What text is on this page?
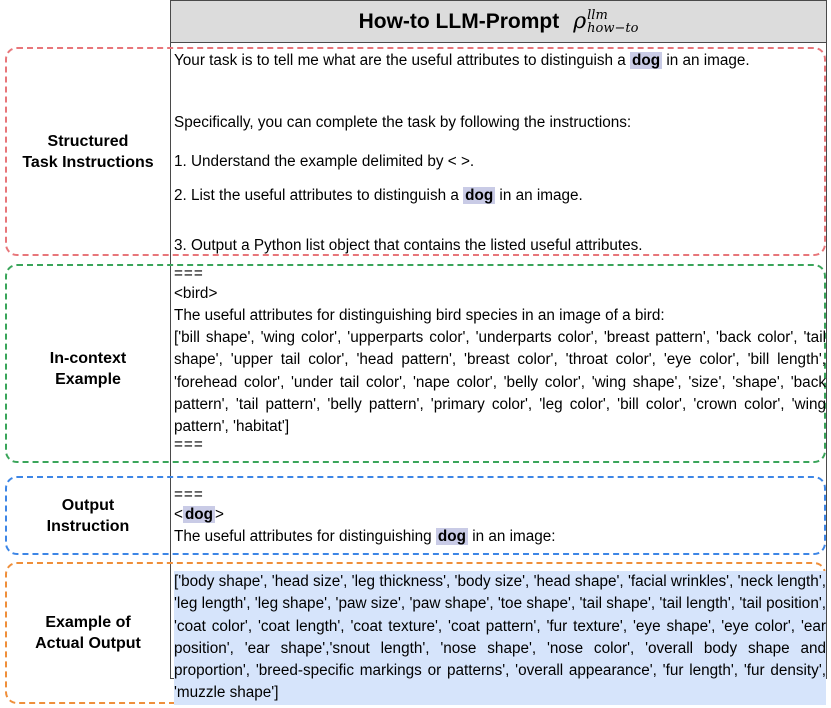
How-to LLM-Prompt ρ llm
how−to
Structured
Task Instructions
Your task is to tell me what are the useful attributes to distinguish a dog in an image.
Specifically, you can complete the task by following the instructions:
1. Understand the example delimited by < >.
2. List the useful attributes to distinguish a dog in an image.
3. Output a Python list object that contains the listed useful attributes.
In-context
Example
===
<bird>
The useful attributes for distinguishing bird species in an image of a bird:
['bill shape', 'wing color', 'upperparts color', 'underparts color', 'breast pattern', 'back color', 'tail shape', 'upper tail color', 'head pattern', 'breast color', 'throat color', 'eye color', 'bill length', 'forehead color', 'under tail color', 'nape color', 'belly color', 'wing shape', 'size', 'shape', 'back pattern', 'tail pattern', 'belly pattern', 'primary color', 'leg color', 'bill color', 'crown color', 'wing pattern', 'habitat']
===
Output
Instruction
===
< dog >
The useful attributes for distinguishing dog in an image:
Example of
Actual Output
['body shape', 'head size', 'leg thickness', 'body size', 'head shape', 'facial wrinkles', 'neck length', 'leg length', 'leg shape', 'paw size', 'paw shape', 'toe shape', 'tail shape', 'tail length', 'tail position', 'coat color', 'coat length', 'coat texture', 'coat pattern', 'fur texture', 'eye shape', 'eye color', 'ear position', 'ear shape','snout length', 'nose shape', 'nose color', 'overall body shape and proportion', 'breed-specific markings or patterns', 'overall appearance', 'fur length', 'fur density', 'muzzle shape']
